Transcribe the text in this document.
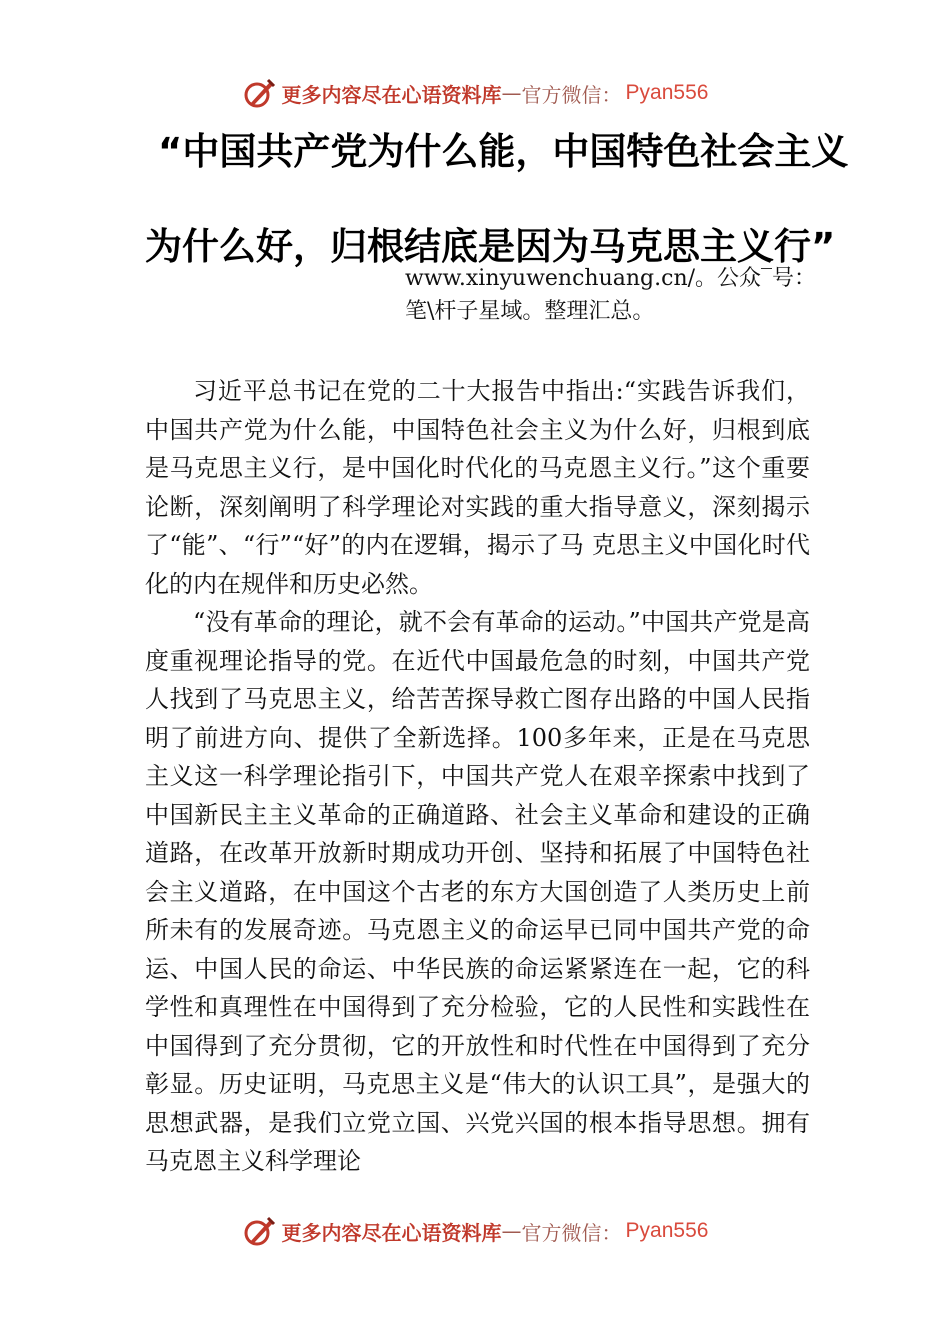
更多内容尽在心语资料库 — 官方微信： Pyan556
“中国共产党为什么能，中国特色社会主义
为什么好，归根结底是因为马克思主义行”
www.xinyuwenchuang.cn/。公众‾号：
笔\杆子星域。整理汇总。

习近平总书记在党的二十大报告中指出:“实践告诉我们，中国共产党为什么能，中国特色社会主义为什么好，归根到底是马克思主义行，是中国化时代化的马克恩主义行。”这个重要论断，深刻阐明了科学理论对实践的重大指导意义，深刻揭示了“能”、“行”“好”的内在逻辑，揭示了马 克思主义中国化时代化的内在规伴和历史必然。

“没有革命的理论，就不会有革命的运动。”中国共产党是高度重视理论指导的党。在近代中国最危急的时刻，中国共产党人找到了马克思主义，给苦苦探导救亡图存出路的中国人民指明了前进方向、提供了全新选择。100多年来，正是在马克思主义这一科学理论指引下，中国共产党人在艰辛探索中找到了中国新民主主义革命的正确道路、社会主义革命和建设的正确道路，在改革开放新时期成功开创、坚持和拓展了中国特色社会主义道路，在中国这个古老的东方大国创造了人类历史上前所未有的发展奇迹。马克恩主义的命运早已同中国共产党的命运、中国人民的命运、中华民族的命运紧紧连在一起，它的科学性和真理性在中国得到了充分检验，它的人民性和实践性在中国得到了充分贯彻，它的开放性和时代性在中国得到了充分彰显。历史证明，马克思主义是“伟大的认识工具”，是强大的思想武器，是我们立党立国、兴党兴国的根本指导思想。拥有马克恩主义科学理论

更多内容尽在心语资料库 — 官方微信： Pyan556
